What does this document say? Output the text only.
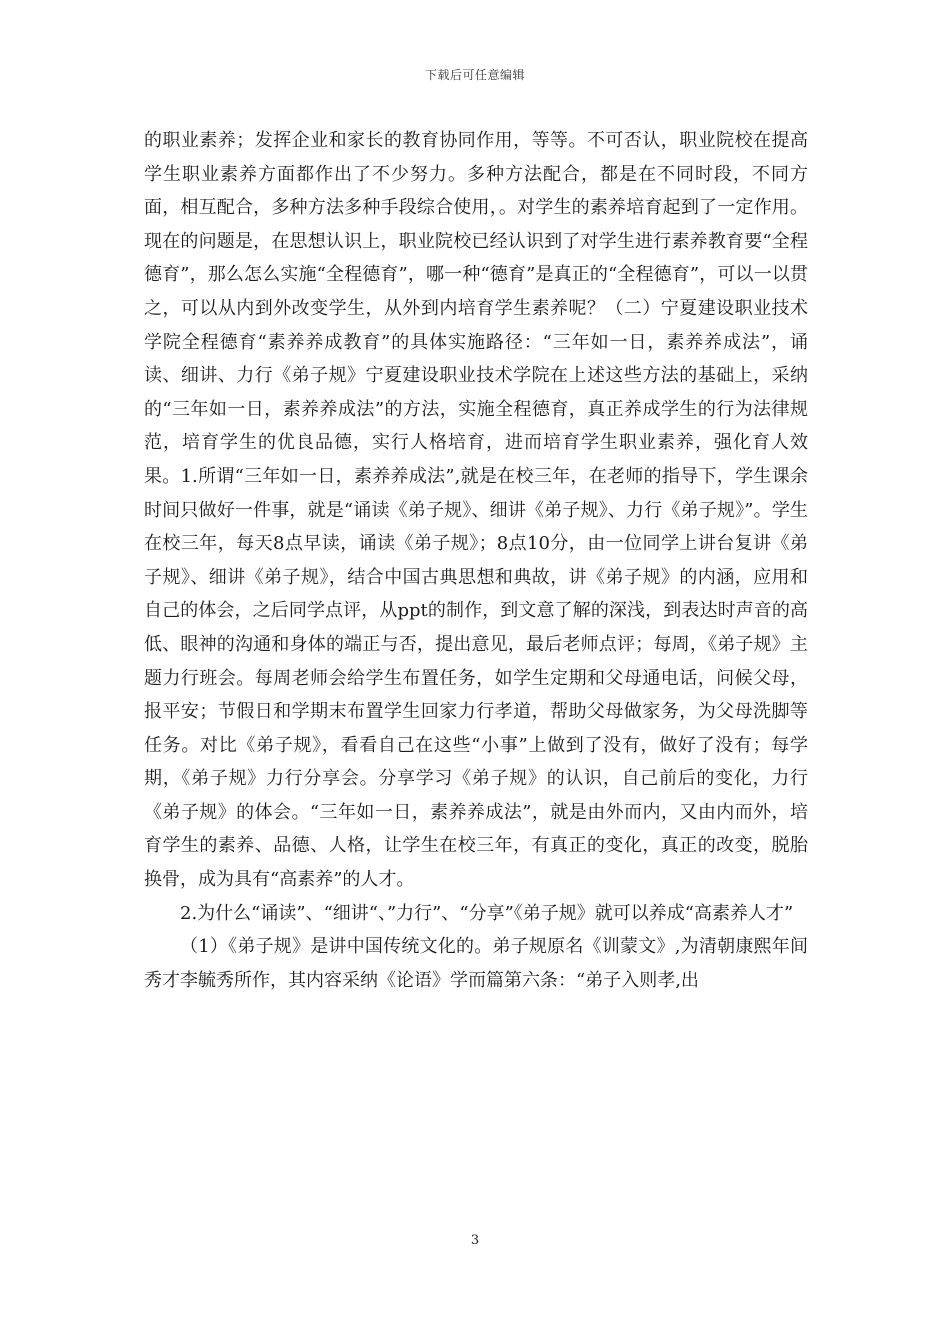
下载后可任意编辑

的职业素养；发挥企业和家长的教育协同作用，等等。不可否认，职业院校在提高学生职业素养方面都作出了不少努力。多种方法配合，都是在不同时段，不同方面，相互配合，多种方法多种手段综合使用，。对学生的素养培育起到了一定作用。现在的问题是，在思想认识上，职业院校已经认识到了对学生进行素养教育要“全程德育”，那么怎么实施“全程德育”，哪一种“德育”是真正的“全程德育”，可以一以贯之，可以从内到外改变学生，从外到内培育学生素养呢？（二）宁夏建设职业技术学院全程德育“素养养成教育”的具体实施路径：“三年如一日，素养养成法”，诵读、细讲、力行《弟子规》宁夏建设职业技术学院在上述这些方法的基础上，采纳的“三年如一日，素养养成法”的方法，实施全程德育，真正养成学生的行为法律规范，培育学生的优良品德，实行人格培育，进而培育学生职业素养，强化育人效果。1.所谓“三年如一日，素养养成法”,就是在校三年，在老师的指导下，学生课余时间只做好一件事，就是“诵读《弟子规》、细讲《弟子规》、力行《弟子规》”。学生在校三年，每天8点早读，诵读《弟子规》；8点10分，由一位同学上讲台复讲《弟子规》、细讲《弟子规》，结合中国古典思想和典故，讲《弟子规》的内涵，应用和自己的体会，之后同学点评，从ppt的制作，到文意了解的深浅，到表达时声音的高低、眼神的沟通和身体的端正与否，提出意见，最后老师点评；每周，《弟子规》主题力行班会。每周老师会给学生布置任务，如学生定期和父母通电话，问候父母，报平安；节假日和学期末布置学生回家力行孝道，帮助父母做家务，为父母洗脚等任务。对比《弟子规》，看看自己在这些“小事”上做到了没有，做好了没有；每学期，《弟子规》力行分享会。分享学习《弟子规》的认识，自己前后的变化，力行《弟子规》的体会。“三年如一日，素养养成法”，就是由外而内，又由内而外，培育学生的素养、品德、人格，让学生在校三年，有真正的变化，真正的改变，脱胎换骨，成为具有“高素养”的人才。

2.为什么“诵读”、“细讲“、”力行”、“分享”《弟子规》就可以养成“高素养人才”

（1）《弟子规》是讲中国传统文化的。弟子规原名《训蒙文》,为清朝康熙年间秀才李毓秀所作，其内容采纳《论语》学而篇第六条：“弟子入则孝,出

3
